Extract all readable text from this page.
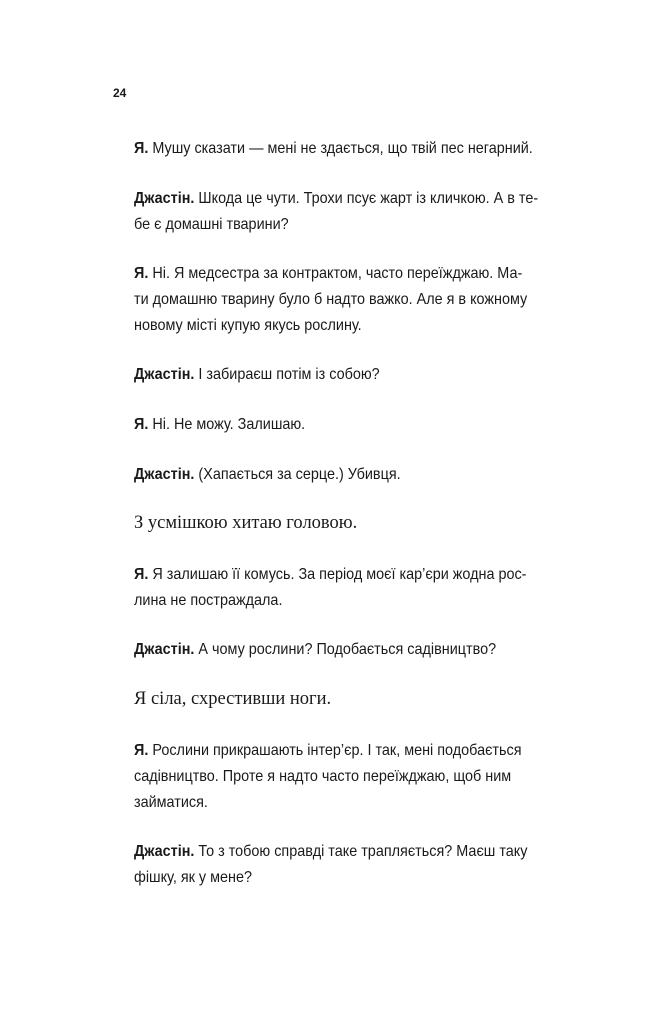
24
Я. Мушу сказати — мені не здається, що твій пес негарний.
Джастін. Шкода це чути. Трохи псує жарт із кличкою. А в те-
бе є домашні тварини?
Я. Ні. Я медсестра за контрактом, часто переїжджаю. Ма-
ти домашню тварину було б надто важко. Але я в кожному
новому місті купую якусь рослину.
Джастін. І забираєш потім із собою?
Я. Ні. Не можу. Залишаю.
Джастін. (Хапається за серце.) Убивця.
З усмішкою хитаю головою.
Я. Я залишаю її комусь. За період моєї кар’єри жодна рос-
лина не постраждала.
Джастін. А чому рослини? Подобається садівництво?
Я сіла, схрестивши ноги.
Я. Рослини прикрашають інтер’єр. І так, мені подобається
садівництво. Проте я надто часто переїжджаю, щоб ним
займатися.
Джастін. То з тобою справді таке трапляється? Маєш таку
фішку, як у мене?
